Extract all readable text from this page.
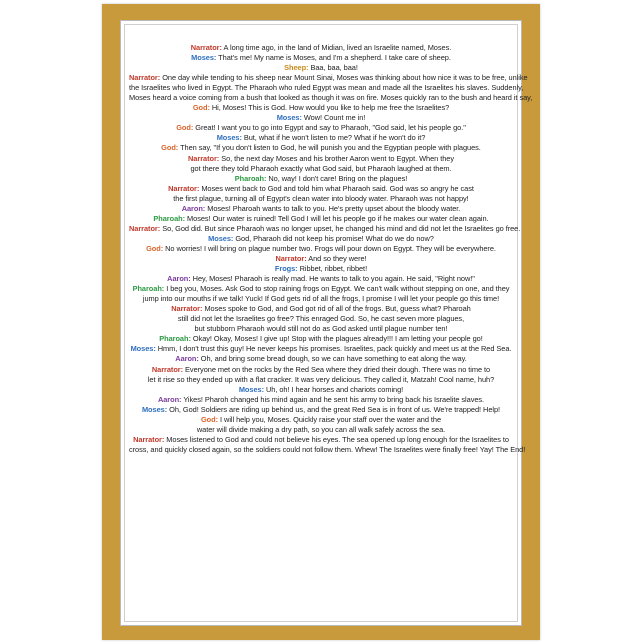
Narrator: A long time ago, in the land of Midian, lived an Israelite named, Moses.
Moses: That's me! My name is Moses, and I'm a shepherd. I take care of sheep.
Sheep: Baa, baa, baa!
Narrator: One day while tending to his sheep near Mount Sinai, Moses was thinking about how nice it was to be free, unlike
the Israelites who lived in Egypt. The Pharaoh who ruled Egypt was mean and made all the Israelites his slaves. Suddenly,
Moses heard a voice coming from a bush that looked as though it was on fire. Moses quickly ran to the bush and heard it say,
God: Hi, Moses! This is God. How would you like to help me free the Israelites?
Moses: Wow! Count me in!
God: Great! I want you to go into Egypt and say to Pharaoh, "God said, let his people go."
Moses: But, what if he won't listen to me? What if he won't do it?
God: Then say, "If you don't listen to God, he will punish you and the Egyptian people with plagues.
Narrator: So, the next day Moses and his brother Aaron went to Egypt. When they
got there they told Pharaoh exactly what God said, but Pharaoh laughed at them.
Pharoah: No, way! I don't care! Bring on the plagues!
Narrator: Moses went back to God and told him what Pharaoh said. God was so angry he cast
the first plague, turning all of Egypt's clean water into bloody water. Pharaoh was not happy!
Aaron: Moses! Pharoah wants to talk to you. He's pretty upset about the bloody water.
Pharoah: Moses! Our water is ruined! Tell God I will let his people go if he makes our water clean again.
Narrator: So, God did. But since Pharaoh was no longer upset, he changed his mind and did not let the Israelites go free.
Moses: God, Pharaoh did not keep his promise! What do we do now?
God: No worries! I will bring on plague number two. Frogs will pour down on Egypt. They will be everywhere.
Narrator: And so they were!
Frogs: Ribbet, ribbet, ribbet!
Aaron: Hey, Moses! Pharaoh is really mad. He wants to talk to you again. He said, "Right now!"
Pharoah: I beg you, Moses. Ask God to stop raining frogs on Egypt. We can't walk without stepping on one, and they
jump into our mouths if we talk! Yuck! If God gets rid of all the frogs, I promise I will let your people go this time!
Narrator: Moses spoke to God, and God got rid of all of the frogs. But, guess what? Pharoah
still did not let the Israelites go free? This enraged God. So, he cast seven more plagues,
but stubborn Pharaoh would still not do as God asked until plague number ten!
Pharoah: Okay! Okay, Moses! I give up! Stop with the plagues already!!! I am letting your people go!
Moses: Hmm, I don't trust this guy! He never keeps his promises. Israelites, pack quickly and meet us at the Red Sea.
Aaron: Oh, and bring some bread dough, so we can have something to eat along the way.
Narrator: Everyone met on the rocks by the Red Sea where they dried their dough. There was no time to
let it rise so they ended up with a flat cracker. It was very delicious. They called it, Matzah! Cool name, huh?
Moses: Uh, oh! I hear horses and chariots coming!
Aaron: Yikes! Pharoh changed his mind again and he sent his army to bring back his Israelite slaves.
Moses: Oh, God! Soldiers are riding up behind us, and the great Red Sea is in front of us. We're trapped! Help!
God: I will help you, Moses. Quickly raise your staff over the water and the
water will divide making a dry path, so you can all walk safely across the sea.
Narrator: Moses listened to God and could not believe his eyes. The sea opened up long enough for the Israelites to
cross, and quickly closed again, so the soldiers could not follow them. Whew! The Israelites were finally free! Yay! The End!
